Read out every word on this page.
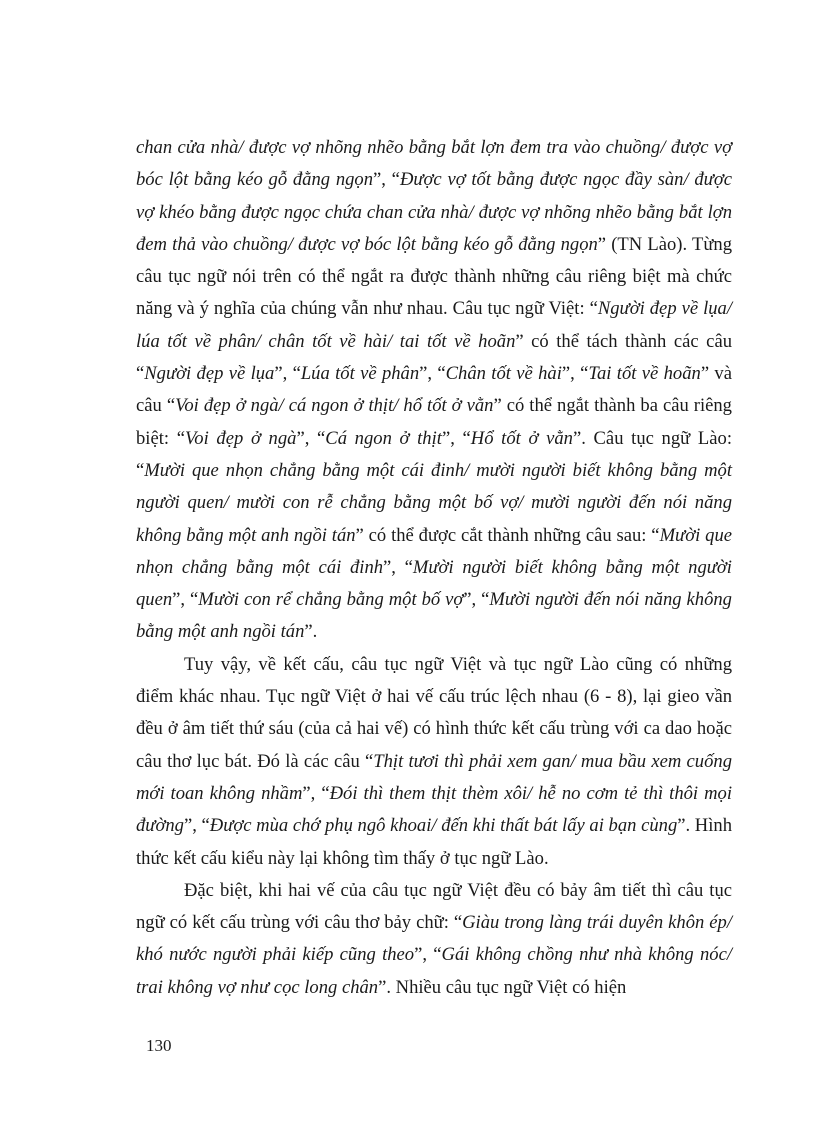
chan cửa nhà/ được vợ nhõng nhẽo bằng bắt lợn đem tra vào chuồng/ được vợ bóc lột bằng kéo gỗ đằng ngọn”, “Được vợ tốt bằng được ngọc đầy sàn/ được vợ khéo bằng được ngọc chứa chan cửa nhà/ được vợ nhõng nhẽo bằng bắt lợn đem thả vào chuồng/ được vợ bóc lột bằng kéo gỗ đằng ngọn” (TN Lào). Từng câu tục ngữ nói trên có thể ngắt ra được thành những câu riêng biệt mà chức năng và ý nghĩa của chúng vẫn như nhau. Câu tục ngữ Việt: “Người đẹp về lụa/ lúa tốt về phân/ chân tốt về hài/ tai tốt về hoãn” có thể tách thành các câu “Người đẹp về lụa”, “Lúa tốt về phân”, “Chân tốt về hài”, “Tai tốt về hoãn” và câu “Voi đẹp ở ngà/ cá ngon ở thịt/ hổ tốt ở vằn” có thể ngắt thành ba câu riêng biệt: “Voi đẹp ở ngà”, “Cá ngon ở thịt”, “Hổ tốt ở vằn”. Câu tục ngữ Lào: “Mười que nhọn chẳng bằng một cái đinh/ mười người biết không bằng một người quen/ mười con rễ chẳng bằng một bố vợ/ mười người đến nói năng không bằng một anh ngồi tán” có thể được cắt thành những câu sau: “Mười que nhọn chẳng bằng một cái đinh”, “Mười người biết không bằng một người quen”, “Mười con rể chẳng bằng một bố vợ”, “Mười người đến nói năng không bằng một anh ngồi tán”.

Tuy vậy, về kết cấu, câu tục ngữ Việt và tục ngữ Lào cũng có những điểm khác nhau. Tục ngữ Việt ở hai vế cấu trúc lệch nhau (6 - 8), lại gieo vần đều ở âm tiết thứ sáu (của cả hai vế) có hình thức kết cấu trùng với ca dao hoặc câu thơ lục bát. Đó là các câu “Thịt tươi thì phải xem gan/ mua bầu xem cuống mới toan không nhầm”, “Đói thì them thịt thèm xôi/ hễ no cơm tẻ thì thôi mọi đường”, “Được mùa chớ phụ ngô khoai/ đến khi thất bát lấy ai bạn cùng”. Hình thức kết cấu kiểu này lại không tìm thấy ở tục ngữ Lào.

Đặc biệt, khi hai vế của câu tục ngữ Việt đều có bảy âm tiết thì câu tục ngữ có kết cấu trùng với câu thơ bảy chữ: “Giàu trong làng trái duyên khôn ép/ khó nước người phải kiếp cũng theo”, “Gái không chồng như nhà không nóc/ trai không vợ như cọc long chân”. Nhiều câu tục ngữ Việt có hiện

130
